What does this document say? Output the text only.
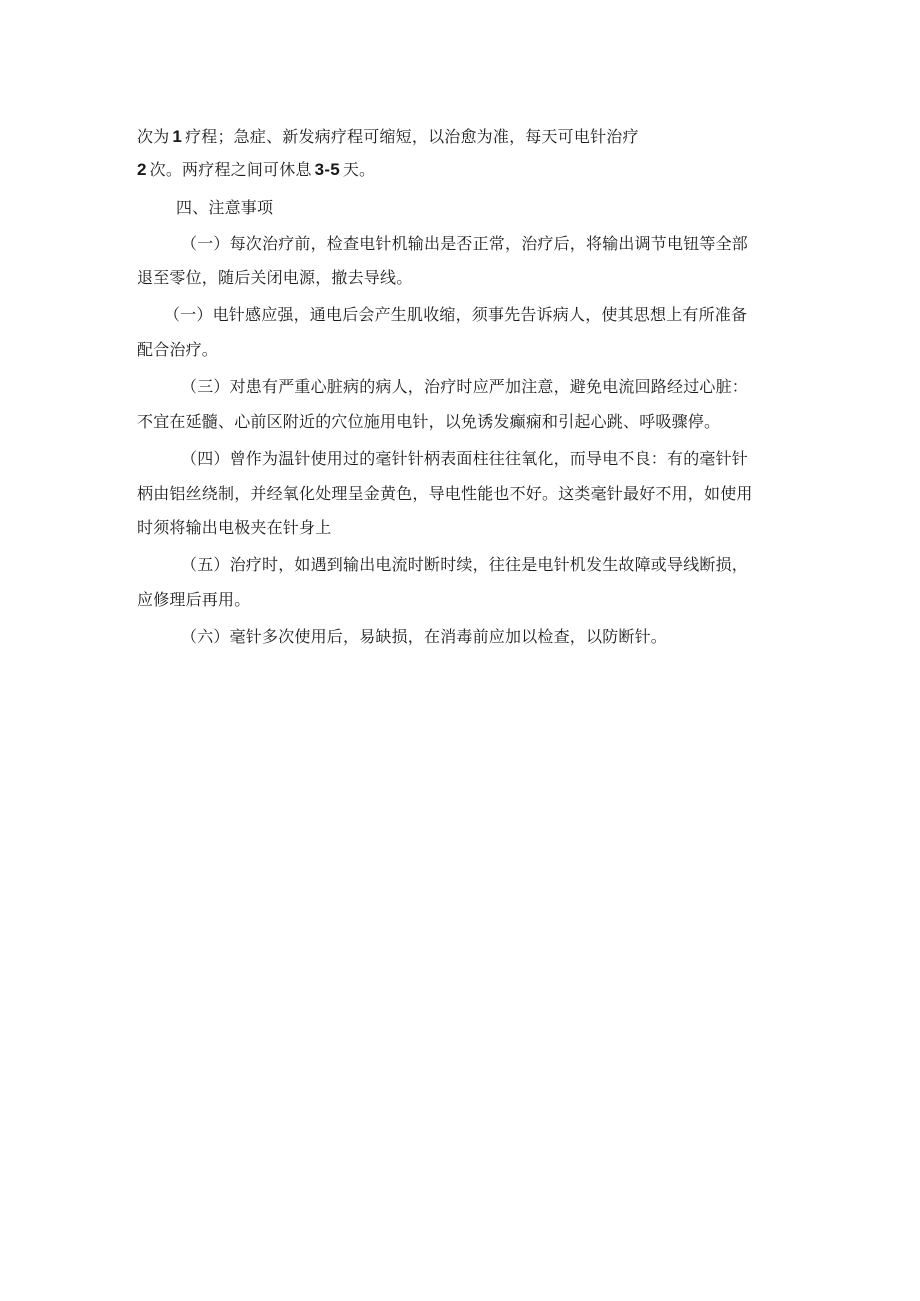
次为 1 疗程；急症、新发病疗程可缩短，以治愈为准，每天可电针治疗
2 次。两疗程之间可休息 3-5 天。
四、注意事项
（一）每次治疗前，检查电针机输出是否正常，治疗后，将输出调节电钮等全部
退至零位，随后关闭电源，撤去导线。
（一）电针感应强，通电后会产生肌收缩，须事先告诉病人，使其思想上有所准备
配合治疗。
（三）对患有严重心脏病的病人，治疗时应严加注意，避免电流回路经过心脏：
不宜在延髓、心前区附近的穴位施用电针，以免诱发癫痫和引起心跳、呼吸骤停。
（四）曾作为温针使用过的毫针针柄表面柱往往氧化，而导电不良：有的毫针针
柄由铝丝绕制，并经氧化处理呈金黄色，导电性能也不好。这类毫针最好不用，如使用
时须将输出电极夹在针身上
（五）治疗时，如遇到输出电流时断时续，往往是电针机发生故障或导线断损，
应修理后再用。
（六）毫针多次使用后，易缺损，在消毒前应加以检查，以防断针。
